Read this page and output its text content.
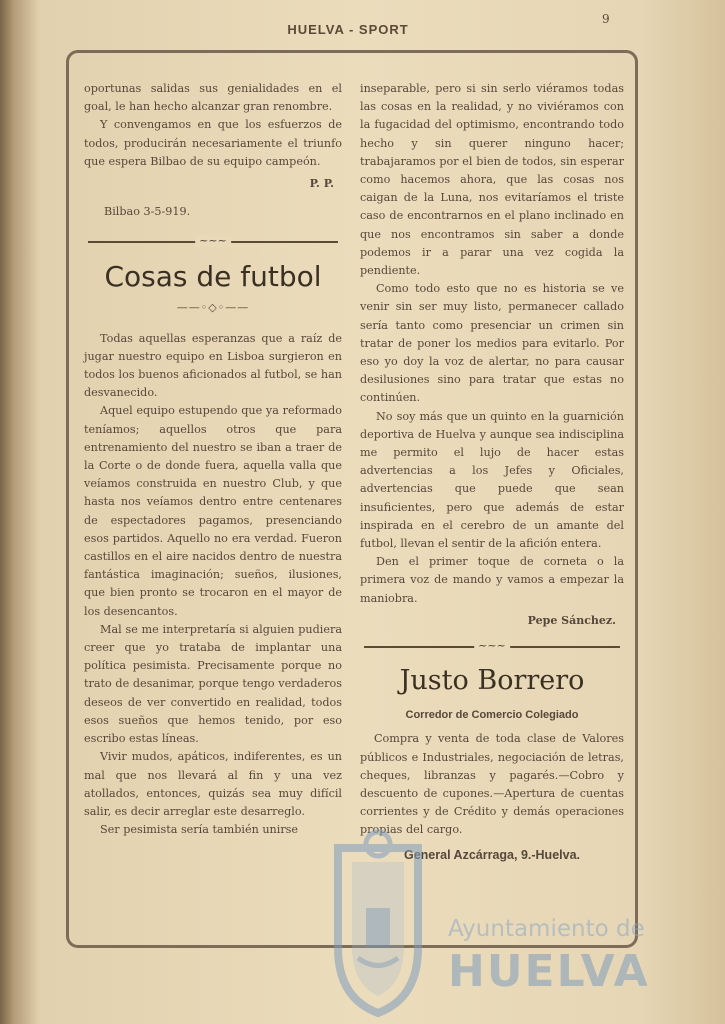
HUELVA - SPORT
9

oportunas salidas sus genialidades en el goal, le han hecho alcanzar gran renombre.

Y convengamos en que los esfuerzos de todos, producirán necesariamente el triunfo que espera Bilbao de su equipo campeón.

P. P.
Bilbao 3-5-919.
~~~
Cosas de futbol
——◦◇◦——

Todas aquellas esperanzas que a raíz de jugar nuestro equipo en Lisboa surgieron en todos los buenos aficionados al futbol, se han desvanecido.

Aquel equipo estupendo que ya reformado teníamos; aquellos otros que para entrenamiento del nuestro se iban a traer de la Corte o de donde fuera, aquella valla que veíamos construida en nuestro Club, y que hasta nos veíamos dentro entre centenares de espectadores pagamos, presenciando esos partidos. Aquello no era verdad. Fueron castillos en el aire nacidos dentro de nuestra fantástica imaginación; sueños, ilusiones, que bien pronto se trocaron en el mayor de los desencantos.

Mal se me interpretaría si alguien pudiera creer que yo trataba de implantar una política pesimista. Precisamente porque no trato de desanimar, porque tengo verdaderos deseos de ver convertido en realidad, todos esos sueños que hemos tenido, por eso escribo estas líneas.

Vivir mudos, apáticos, indiferentes, es un mal que nos llevará al fin y una vez atollados, entonces, quizás sea muy difícil salir, es decir arreglar este desarreglo.

Ser pesimista sería también unirse

inseparable, pero si sin serlo viéramos todas las cosas en la realidad, y no viviéramos con la fugacidad del optimismo, encontrando todo hecho y sin querer ninguno hacer; trabajaramos por el bien de todos, sin esperar como hacemos ahora, que las cosas nos caigan de la Luna, nos evitaríamos el triste caso de encontrarnos en el plano inclinado en que nos encontramos sin saber a donde podemos ir a parar una vez cogida la pendiente.

Como todo esto que no es historia se ve venir sin ser muy listo, permanecer callado sería tanto como presenciar un crimen sin tratar de poner los medios para evitarlo. Por eso yo doy la voz de alertar, no para causar desilusiones sino para tratar que estas no continúen.

No soy más que un quinto en la guarnición deportiva de Huelva y aunque sea indisciplina me permito el lujo de hacer estas advertencias a los Jefes y Oficiales, advertencias que puede que sean insuficientes, pero que además de estar inspirada en el cerebro de un amante del futbol, llevan el sentir de la afición entera.

Den el primer toque de corneta o la primera voz de mando y vamos a empezar la maniobra.

Pepe Sánchez.
~~~
Justo Borrero
Corredor de Comercio Colegiado

Compra y venta de toda clase de Valores públicos e Industriales, negociación de letras, cheques, libranzas y pagarés.—Cobro y descuento de cupones.—Apertura de cuentas corrientes y de Crédito y demás operaciones propias del cargo.

General Azcárraga, 9.-Huelva.
Ayuntamiento de
HUELVA
